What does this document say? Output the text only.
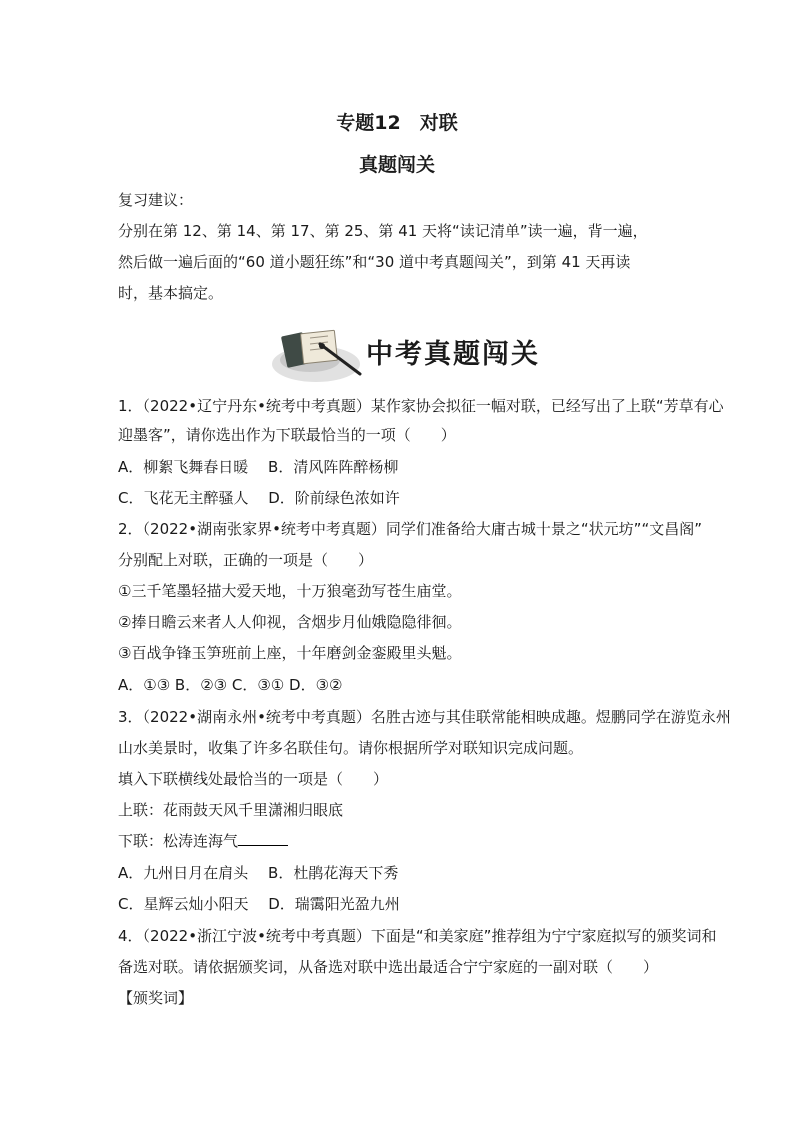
专题12　对联
真题闯关
复习建议：
分别在第 12、第 14、第 17、第 25、第 41 天将“读记清单”读一遍，背一遍，
然后做一遍后面的“60 道小题狂练”和“30 道中考真题闯关”，到第 41 天再读
时，基本搞定。
中考真题闯关
1．（2022•辽宁丹东•统考中考真题）某作家协会拟征一幅对联，已经写出了上联“芳草有心
迎墨客”，请你选出作为下联最恰当的一项（　　）
A．柳絮飞舞春日暖　 B．清风阵阵醉杨柳
C．飞花无主醉骚人　 D．阶前绿色浓如许
2．（2022•湖南张家界•统考中考真题）同学们准备给大庸古城十景之“状元坊”“文昌阁”
分别配上对联，正确的一项是（　　）
①三千笔墨轻描大爱天地，十万狼毫劲写苍生庙堂。
②捧日瞻云来者人人仰视，含烟步月仙娥隐隐徘徊。
③百战争锋玉笋班前上座，十年磨剑金銮殿里头魁。
A．①③ B．②③ C．③① D．③②
3．（2022•湖南永州•统考中考真题）名胜古迹与其佳联常能相映成趣。煜鹏同学在游览永州
山水美景时，收集了许多名联佳句。请你根据所学对联知识完成问题。
填入下联横线处最恰当的一项是（　　）
上联：花雨鼓天风千里潇湘归眼底
下联：松涛连海气
A．九州日月在肩头　 B．杜鹃花海天下秀
C．星辉云灿小阳天　 D．瑞霭阳光盈九州
4．（2022•浙江宁波•统考中考真题）下面是“和美家庭”推荐组为宁宁家庭拟写的颁奖词和
备选对联。请依据颁奖词，从备选对联中选出最适合宁宁家庭的一副对联（　　）
【颁奖词】
